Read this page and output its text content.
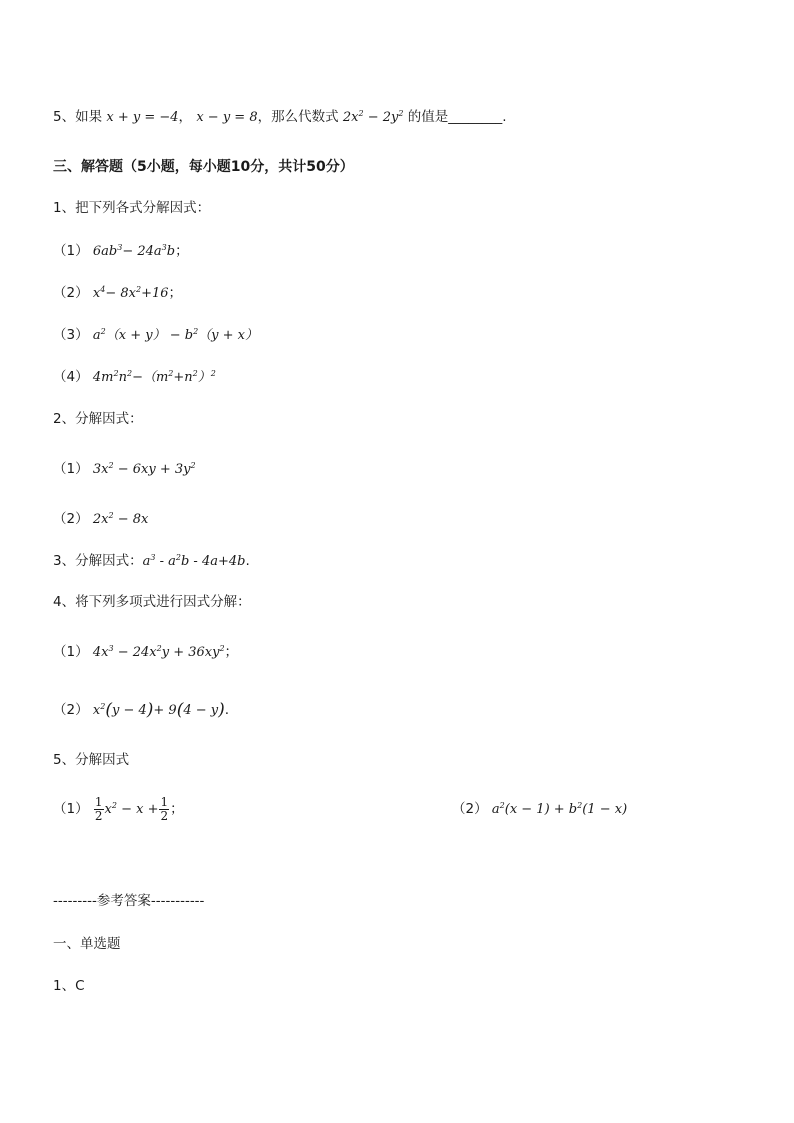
5、如果 x + y = −4， x − y = 8，那么代数式 $2x^2 - 2y^2$ 的值是________.
三、解答题（5小题，每小题10分，共计50分）
1、把下列各式分解因式：
（1） $6ab^3- 24a^3b$；
（2） $x^4- 8x^2+16$；
（3） $a^2(x + y) - b^2(y + x)$
（4） $4m^2n^2-(m^2+n^2)^2$
2、分解因式：
（1） $3x^2 - 6xy + 3y^2$
（2） $2x^2 - 8x$
3、分解因式：$a^3 - a^2b - 4a+4b$.
4、将下列多项式进行因式分解：
（1） $4x^3 - 24x^2y + 36xy^2$；
（2） $x^2(y - 4)+ 9(4 - y)$.
5、分解因式
$(1) \frac{1}{2} x^2 - x + \frac{1}{2}$ ；	（2） $a^2(x - 1) + b^2(1 - x)$
---------参考答案-----------
一、单选题
1、C
